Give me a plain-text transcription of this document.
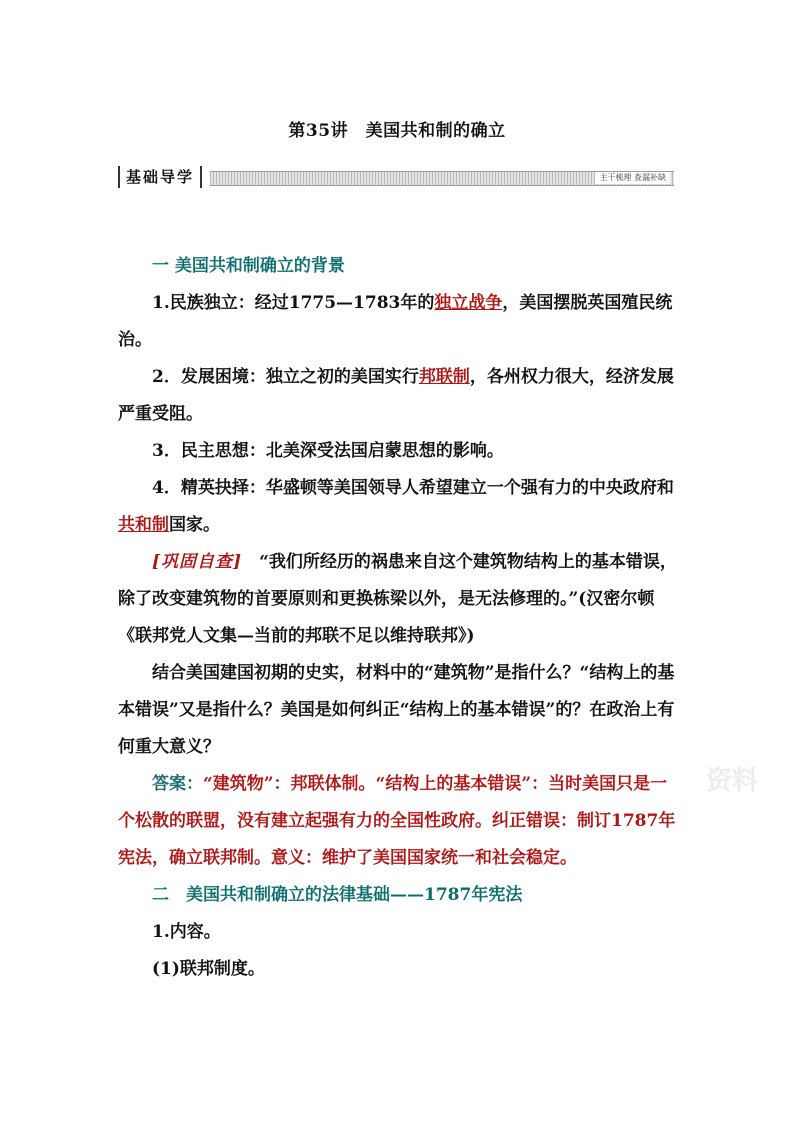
第35讲　美国共和制的确立
基础导学	主干梳理 查漏补缺

一 美国共和制确立的背景

1.民族独立：经过1775—1783年的独立战争，美国摆脱英国殖民统治。

2．发展困境：独立之初的美国实行邦联制，各州权力很大，经济发展严重受阻。

3．民主思想：北美深受法国启蒙思想的影响。

4．精英抉择：华盛顿等美国领导人希望建立一个强有力的中央政府和共和制国家。

[巩固自查]　“我们所经历的祸患来自这个建筑物结构上的基本错误，除了改变建筑物的首要原则和更换栋梁以外，是无法修理的。”(汉密尔顿《联邦党人文集—当前的邦联不足以维持联邦》)

结合美国建国初期的史实，材料中的“建筑物”是指什么？“结构上的基本错误”又是指什么？美国是如何纠正“结构上的基本错误”的？在政治上有何重大意义？

答案：“建筑物”：邦联体制。“结构上的基本错误”：当时美国只是一个松散的联盟，没有建立起强有力的全国性政府。纠正错误：制订1787年宪法，确立联邦制。意义：维护了美国国家统一和社会稳定。

二　美国共和制确立的法律基础——1787年宪法

1.内容。

(1)联邦制度。

资料
